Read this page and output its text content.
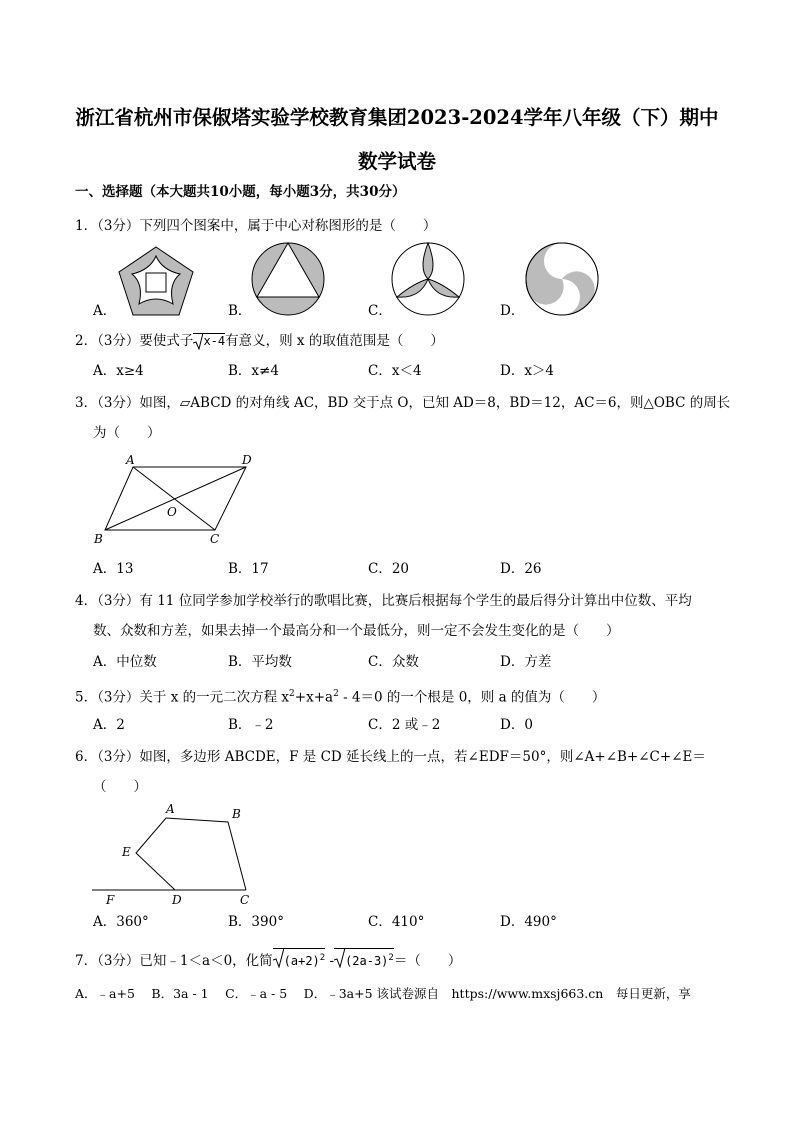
浙江省杭州市保俶塔实验学校教育集团2023-2024学年八年级（下）期中
数学试卷
一、选择题（本大题共10小题，每小题3分，共30分）
1．（3分）下列四个图案中，属于中心对称图形的是（　　）
A．	B．	C．	D．
2．（3分）要使式子 x-4有意义，则 x 的取值范围是（　　）
A．x≥4	B．x≠4	C．x＜4	D．x＞4
3．（3分）如图，▱ABCD 的对角线 AC，BD 交于点 O，已知 AD＝8，BD＝12，AC＝6，则△OBC 的周长
为（　　）
A	D
O
B	C
A．13	B．17	C．20	D．26
4．（3分）有 11 位同学参加学校举行的歌唱比赛，比赛后根据每个学生的最后得分计算出中位数、平均
数、众数和方差，如果去掉一个最高分和一个最低分，则一定不会发生变化的是（　　）
A．中位数	B．平均数	C．众数	D．方差
5．（3分）关于 x 的一元二次方程 $x^2+x+a^2 - 4=0$ 的一个根是 0，则 a 的值为（　　）
A．2	B．﹣2	C．2 或﹣2	D．0
6．（3分）如图，多边形 ABCDE，F 是 CD 延长线上的一点，若∠EDF＝50°，则∠A+∠B+∠C+∠E＝
（　　）
A	B
E
F	D	C
A．360°	B．390°	C．410°	D．490°
7．（3分）已知﹣1＜a＜0，化简 $(a+2)^2 - (2a-3)^2=$（　　）
A．﹣a+5　 B．3a - 1　 C．﹣a - 5　 D．﹣3a+5 该试卷源自　https://www.mxsj663.cn　每日更新，享
